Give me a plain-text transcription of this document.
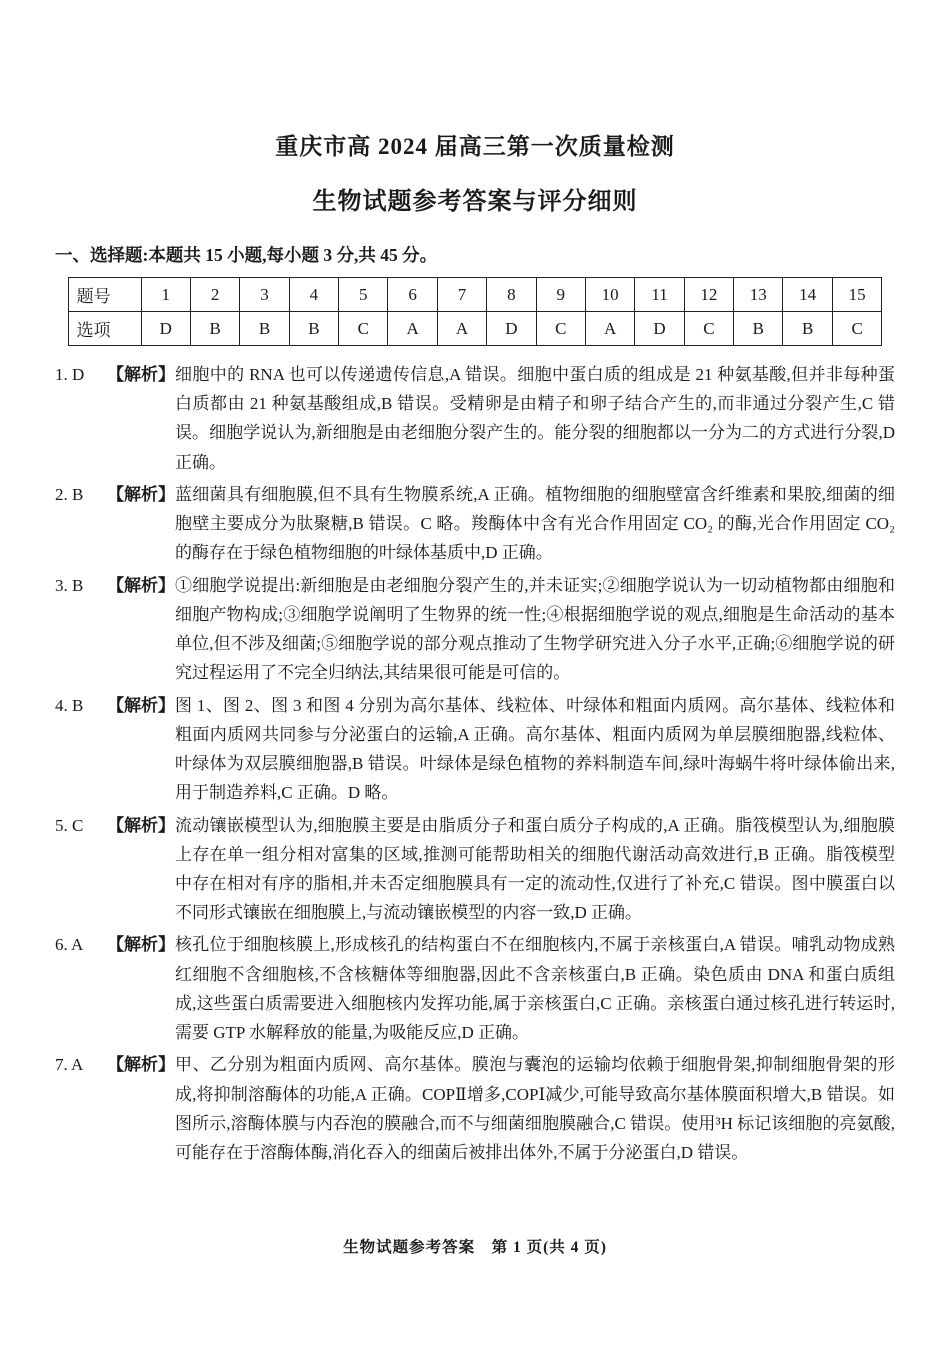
重庆市高 2024 届高三第一次质量检测
生物试题参考答案与评分细则
一、选择题:本题共 15 小题,每小题 3 分,共 45 分。
题号	1	2	3	4	5	6	7	8	9	10	11	12	13	14	15
选项	D	B	B	B	C	A	A	D	C	A	D	C	B	B	C
1. D	【解析】 细胞中的 RNA 也可以传递遗传信息,A 错误。细胞中蛋白质的组成是 21 种氨基酸,但并非每种蛋白质都由 21 种氨基酸组成,B 错误。受精卵是由精子和卵子结合产生的,而非通过分裂产生,C 错误。细胞学说认为,新细胞是由老细胞分裂产生的。能分裂的细胞都以一分为二的方式进行分裂,D 正确。
2. B	【解析】 蓝细菌具有细胞膜,但不具有生物膜系统,A 正确。植物细胞的细胞壁富含纤维素和果胶,细菌的细胞壁主要成分为肽聚糖,B 错误。C 略。羧酶体中含有光合作用固定 CO₂ 的酶,光合作用固定 CO₂ 的酶存在于绿色植物细胞的叶绿体基质中,D 正确。
3. B	【解析】 ①细胞学说提出:新细胞是由老细胞分裂产生的,并未证实;②细胞学说认为一切动植物都由细胞和细胞产物构成;③细胞学说阐明了生物界的统一性;④根据细胞学说的观点,细胞是生命活动的基本单位,但不涉及细菌;⑤细胞学说的部分观点推动了生物学研究进入分子水平,正确;⑥细胞学说的研究过程运用了不完全归纳法,其结果很可能是可信的。
4. B	【解析】 图 1、图 2、图 3 和图 4 分别为高尔基体、线粒体、叶绿体和粗面内质网。高尔基体、线粒体和粗面内质网共同参与分泌蛋白的运输,A 正确。高尔基体、粗面内质网为单层膜细胞器,线粒体、叶绿体为双层膜细胞器,B 错误。叶绿体是绿色植物的养料制造车间,绿叶海蜗牛将叶绿体偷出来,用于制造养料,C 正确。D 略。
5. C	【解析】 流动镶嵌模型认为,细胞膜主要是由脂质分子和蛋白质分子构成的,A 正确。脂筏模型认为,细胞膜上存在单一组分相对富集的区域,推测可能帮助相关的细胞代谢活动高效进行,B 正确。脂筏模型中存在相对有序的脂相,并未否定细胞膜具有一定的流动性,仅进行了补充,C 错误。图中膜蛋白以不同形式镶嵌在细胞膜上,与流动镶嵌模型的内容一致,D 正确。
6. A	【解析】 核孔位于细胞核膜上,形成核孔的结构蛋白不在细胞核内,不属于亲核蛋白,A 错误。哺乳动物成熟红细胞不含细胞核,不含核糖体等细胞器,因此不含亲核蛋白,B 正确。染色质由 DNA 和蛋白质组成,这些蛋白质需要进入细胞核内发挥功能,属于亲核蛋白,C 正确。亲核蛋白通过核孔进行转运时,需要 GTP 水解释放的能量,为吸能反应,D 正确。
7. A	【解析】 甲、乙分别为粗面内质网、高尔基体。膜泡与囊泡的运输均依赖于细胞骨架,抑制细胞骨架的形成,将抑制溶酶体的功能,A 正确。COPⅡ增多,COPⅠ减少,可能导致高尔基体膜面积增大,B 错误。如图所示,溶酶体膜与内吞泡的膜融合,而不与细菌细胞膜融合,C 错误。使用³H 标记该细胞的亮氨酸,可能存在于溶酶体酶,消化吞入的细菌后被排出体外,不属于分泌蛋白,D 错误。
生物试题参考答案　第 1 页(共 4 页)
